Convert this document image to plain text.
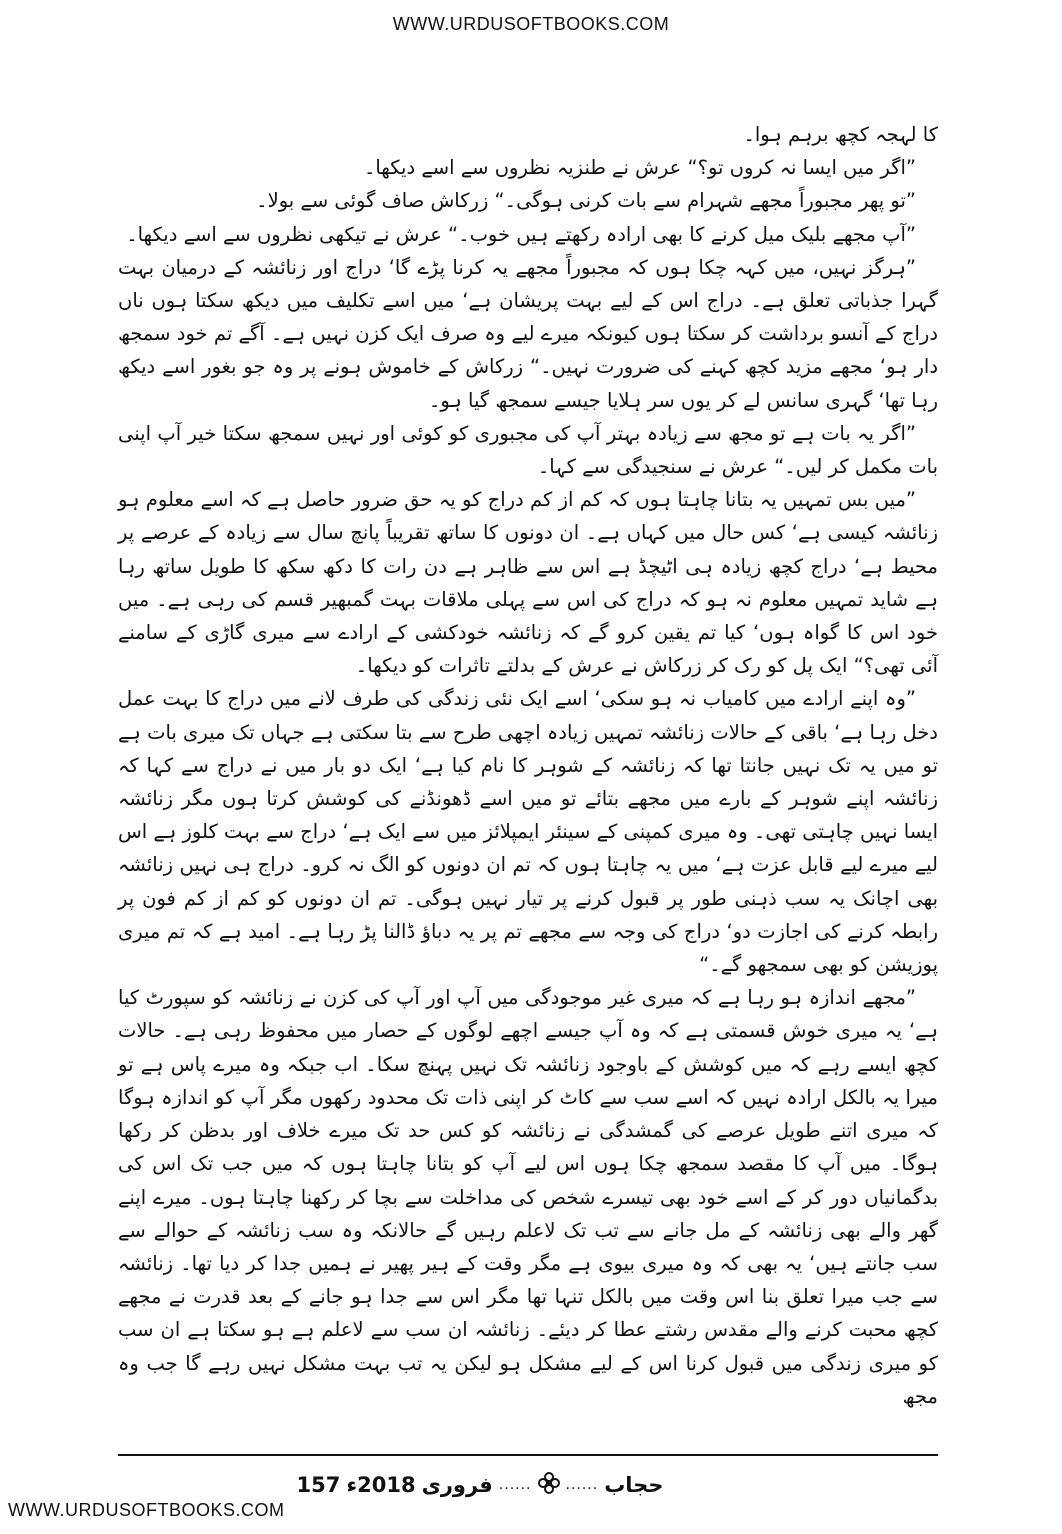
WWW.URDUSOFTBOOKS.COM

کا لہجہ کچھ برہم ہوا۔

”اگر میں ایسا نہ کروں تو؟“ عرش نے طنزیہ نظروں سے اسے دیکھا۔

”تو پھر مجبوراً مجھے شہرام سے بات کرنی ہوگی۔“ زرکاش صاف گوئی سے بولا۔

”آپ مجھے بلیک میل کرنے کا بھی ارادہ رکھتے ہیں خوب۔“ عرش نے تیکھی نظروں سے اسے دیکھا۔

”ہرگز نہیں، میں کہہ چکا ہوں کہ مجبوراً مجھے یہ کرنا پڑے گا‘ دراج اور زنائشہ کے درمیان بہت گہرا جذباتی تعلق ہے۔ دراج اس کے لیے بہت پریشان ہے‘ میں اسے تکلیف میں دیکھ سکتا ہوں ناں دراج کے آنسو برداشت کر سکتا ہوں کیونکہ میرے لیے وہ صرف ایک کزن نہیں ہے۔ آگے تم خود سمجھ دار ہو‘ مجھے مزید کچھ کہنے کی ضرورت نہیں۔“ زرکاش کے خاموش ہونے پر وہ جو بغور اسے دیکھ رہا تھا‘ گہری سانس لے کر یوں سر ہلایا جیسے سمجھ گیا ہو۔

”اگر یہ بات ہے تو مجھ سے زیادہ بہتر آپ کی مجبوری کو کوئی اور نہیں سمجھ سکتا خیر آپ اپنی بات مکمل کر لیں۔“ عرش نے سنجیدگی سے کہا۔

”میں بس تمہیں یہ بتانا چاہتا ہوں کہ کم از کم دراج کو یہ حق ضرور حاصل ہے کہ اسے معلوم ہو زنائشہ کیسی ہے‘ کس حال میں کہاں ہے۔ ان دونوں کا ساتھ تقریباً پانچ سال سے زیادہ کے عرصے پر محیط ہے‘ دراج کچھ زیادہ ہی اٹیچڈ ہے اس سے ظاہر ہے دن رات کا دکھ سکھ کا طویل ساتھ رہا ہے شاید تمہیں معلوم نہ ہو کہ دراج کی اس سے پہلی ملاقات بہت گمبھیر قسم کی رہی ہے۔ میں خود اس کا گواہ ہوں‘ کیا تم یقین کرو گے کہ زنائشہ خودکشی کے ارادے سے میری گاڑی کے سامنے آئی تھی؟“ ایک پل کو رک کر زرکاش نے عرش کے بدلتے تاثرات کو دیکھا۔

”وہ اپنے ارادے میں کامیاب نہ ہو سکی‘ اسے ایک نئی زندگی کی طرف لانے میں دراج کا بہت عمل دخل رہا ہے‘ باقی کے حالات زنائشہ تمہیں زیادہ اچھی طرح سے بتا سکتی ہے جہاں تک میری بات ہے تو میں یہ تک نہیں جانتا تھا کہ زنائشہ کے شوہر کا نام کیا ہے‘ ایک دو بار میں نے دراج سے کہا کہ زنائشہ اپنے شوہر کے بارے میں مجھے بتائے تو میں اسے ڈھونڈنے کی کوشش کرتا ہوں مگر زنائشہ ایسا نہیں چاہتی تھی۔ وہ میری کمپنی کے سینئر ایمپلائز میں سے ایک ہے‘ دراج سے بہت کلوز ہے اس لیے میرے لیے قابل عزت ہے‘ میں یہ چاہتا ہوں کہ تم ان دونوں کو الگ نہ کرو۔ دراج ہی نہیں زنائشہ بھی اچانک یہ سب ذہنی طور پر قبول کرنے پر تیار نہیں ہوگی۔ تم ان دونوں کو کم از کم فون پر رابطہ کرنے کی اجازت دو‘ دراج کی وجہ سے مجھے تم پر یہ دباؤ ڈالنا پڑ رہا ہے۔ امید ہے کہ تم میری پوزیشن کو بھی سمجھو گے۔“

”مجھے اندازہ ہو رہا ہے کہ میری غیر موجودگی میں آپ اور آپ کی کزن نے زنائشہ کو سپورٹ کیا ہے‘ یہ میری خوش قسمتی ہے کہ وہ آپ جیسے اچھے لوگوں کے حصار میں محفوظ رہی ہے۔ حالات کچھ ایسے رہے کہ میں کوشش کے باوجود زنائشہ تک نہیں پہنچ سکا۔ اب جبکہ وہ میرے پاس ہے تو میرا یہ بالکل ارادہ نہیں کہ اسے سب سے کاٹ کر اپنی ذات تک محدود رکھوں مگر آپ کو اندازہ ہوگا کہ میری اتنے طویل عرصے کی گمشدگی نے زنائشہ کو کس حد تک میرے خلاف اور بدظن کر رکھا ہوگا۔ میں آپ کا مقصد سمجھ چکا ہوں اس لیے آپ کو بتانا چاہتا ہوں کہ میں جب تک اس کی بدگمانیاں دور کر کے اسے خود بھی تیسرے شخص کی مداخلت سے بچا کر رکھنا چاہتا ہوں۔ میرے اپنے گھر والے بھی زنائشہ کے مل جانے سے تب تک لاعلم رہیں گے حالانکہ وہ سب زنائشہ کے حوالے سے سب جانتے ہیں‘ یہ بھی کہ وہ میری بیوی ہے مگر وقت کے ہیر پھیر نے ہمیں جدا کر دیا تھا۔ زنائشہ سے جب میرا تعلق بنا اس وقت میں بالکل تنہا تھا مگر اس سے جدا ہو جانے کے بعد قدرت نے مجھے کچھ محبت کرنے والے مقدس رشتے عطا کر دیئے۔ زنائشہ ان سب سے لاعلم ہے ہو سکتا ہے ان سب کو میری زندگی میں قبول کرنا اس کے لیے مشکل ہو لیکن یہ تب بہت مشکل نہیں رہے گا جب وہ مجھ

حجاب
......
......
فروری
2018ء
157
WWW.URDUSOFTBOOKS.COM
